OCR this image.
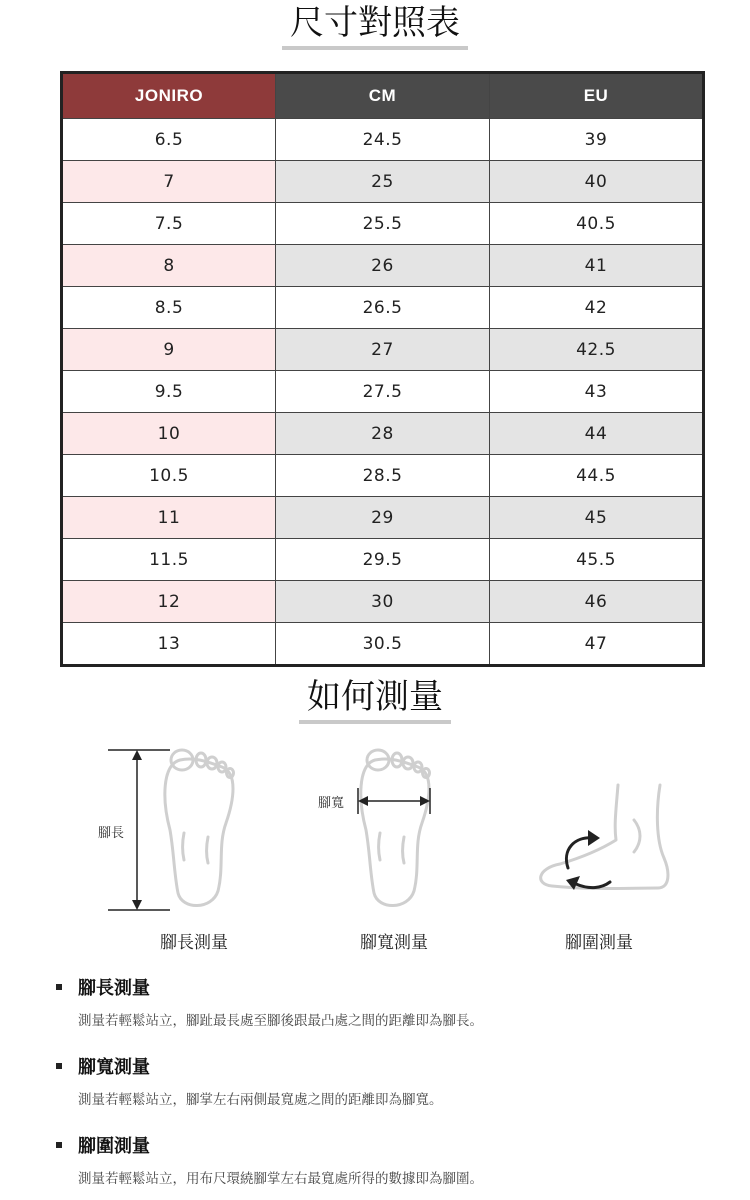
尺寸對照表
JONIRO	CM	EU
6.5	24.5	39
7	25	40
7.5	25.5	40.5
8	26	41
8.5	26.5	42
9	27	42.5
9.5	27.5	43
10	28	44
10.5	28.5	44.5
11	29	45
11.5	29.5	45.5
12	30	46
13	30.5	47
如何測量
腳長
腳長測量
腳寬
腳寬測量	腳圍測量
腳長測量
測量若輕鬆站立，腳趾最長處至腳後跟最凸處之間的距離即為腳長。
腳寬測量
測量若輕鬆站立，腳掌左右兩側最寬處之間的距離即為腳寬。
腳圍測量
測量若輕鬆站立，用布尺環繞腳掌左右最寬處所得的數據即為腳圍。
